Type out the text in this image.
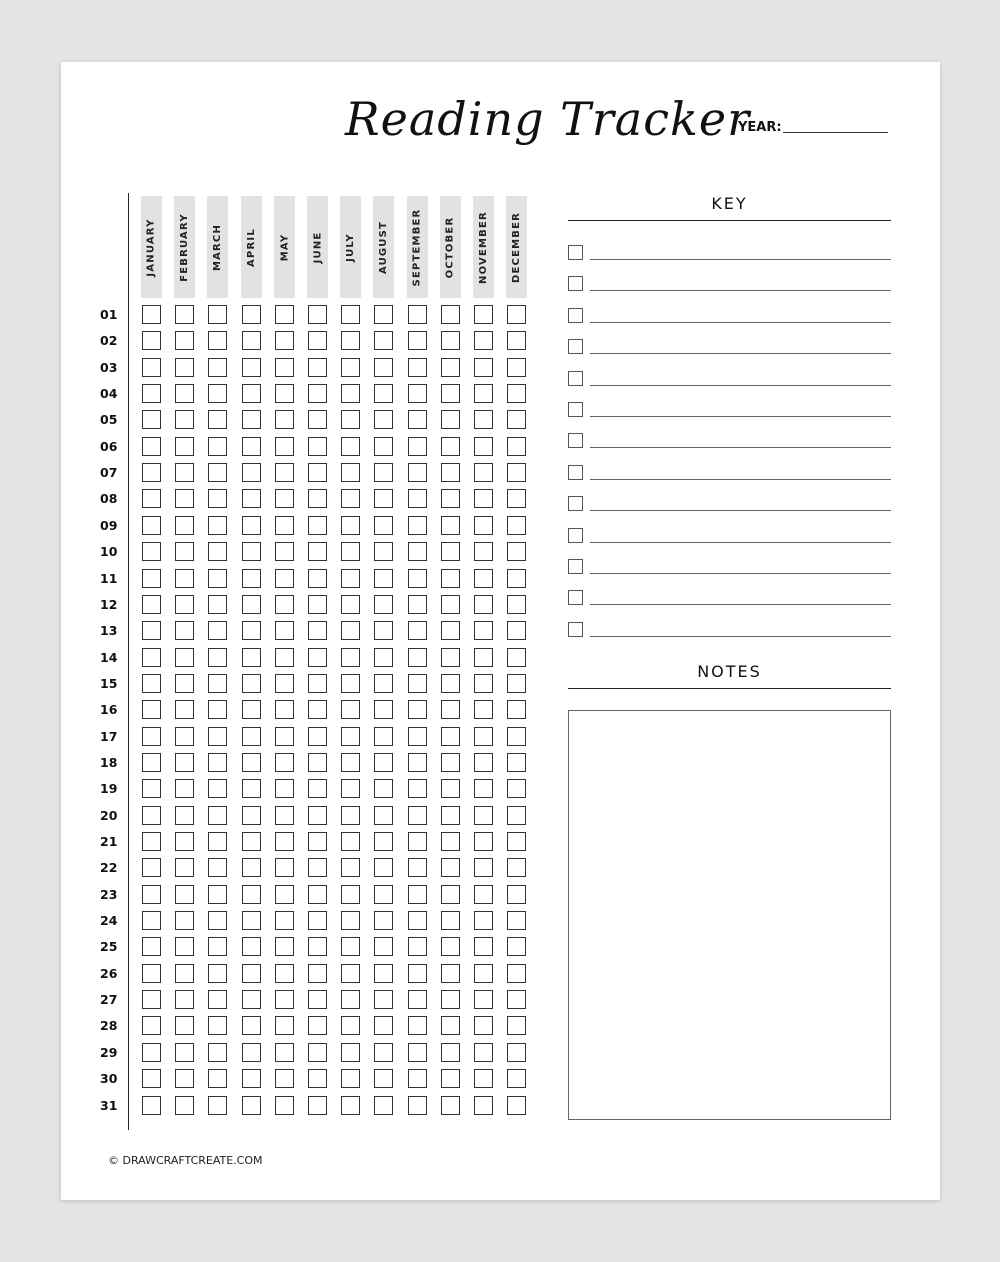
Reading Tracker
YEAR:
JANUARY FEBRUARY MARCH APRIL MAY JUNE JULY AUGUST SEPTEMBER OCTOBER NOVEMBER DECEMBER
01
02
03
04
05
06
07
08
09
10
11
12
13
14
15
16
17
18
19
20
21
22
23
24
25
26
27
28
29
30
31
KEY
NOTES
© DRAWCRAFTCREATE.COM
